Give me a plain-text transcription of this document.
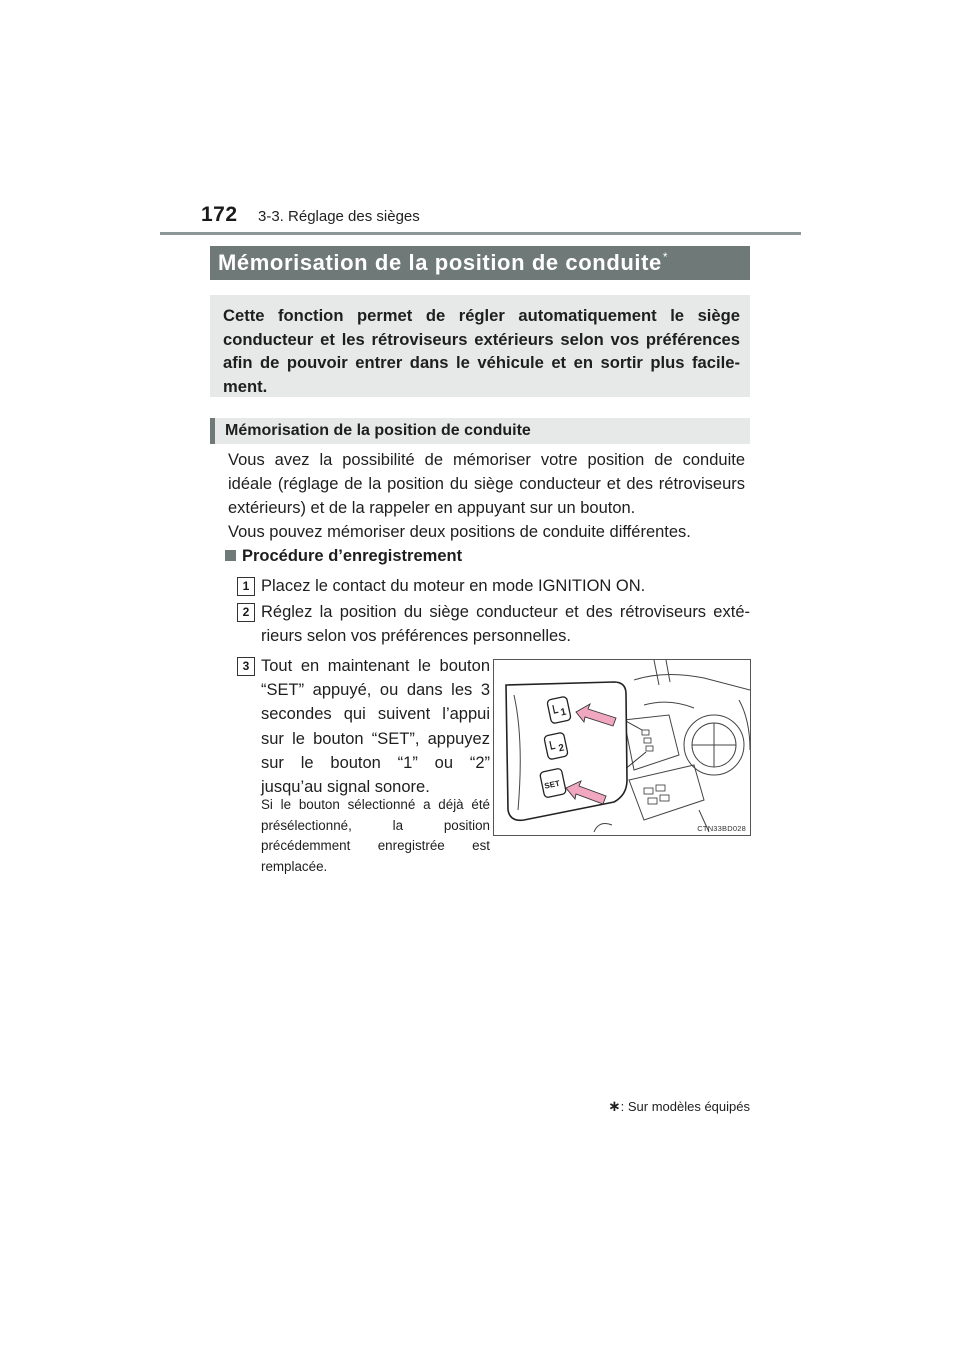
172 3-3. Réglage des sièges
Mémorisation de la position de conduite*

Cette fonction permet de régler automatiquement le siège conducteur et les rétroviseurs extérieurs selon vos préférences afin de pouvoir entrer dans le véhicule et en sortir plus facile-ment.

Mémorisation de la position de conduite

Vous avez la possibilité de mémoriser votre position de conduite idéale (réglage de la position du siège conducteur et des rétroviseurs extérieurs) et de la rappeler en appuyant sur un bouton.

Vous pouvez mémoriser deux positions de conduite différentes.

Procédure d’enregistrement
1 Placez le contact du moteur en mode IGNITION ON.

2 Réglez la position du siège conducteur et des rétroviseurs exté-rieurs selon vos préférences personnelles.

3 Tout en maintenant le bouton “SET” appuyé, ou dans les 3 secondes qui suivent l’appui sur le bouton “SET”, appuyez sur le bouton “1” ou “2” jusqu’au signal sonore.

Si le bouton sélectionné a déjà été présélectionné, la position précédemment enregistrée est remplacée.

1
2
SET
CTN33BD028
∗: Sur modèles équipés
